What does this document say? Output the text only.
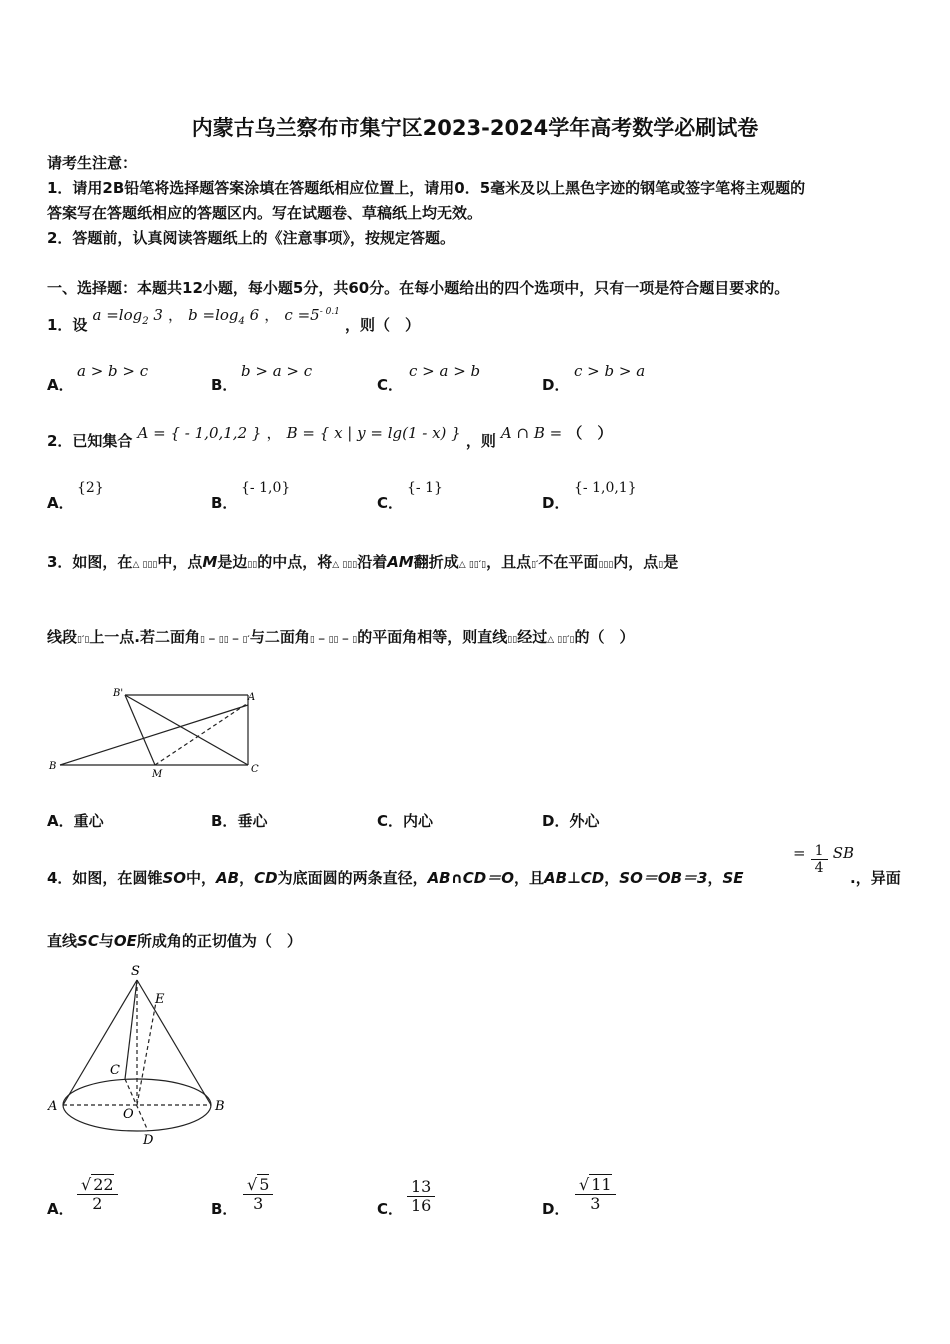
内蒙古乌兰察布市集宁区2023-2024学年高考数学必刷试卷
请考生注意：
1．请用2B铅笔将选择题答案涂填在答题纸相应位置上，请用0．5毫米及以上黑色字迹的钢笔或签字笔将主观题的
答案写在答题纸相应的答题区内。写在试题卷、草稿纸上均无效。
2．答题前，认真阅读答题纸上的《注意事项》，按规定答题。
一、选择题：本题共12小题，每小题5分，共60分。在每小题给出的四个选项中，只有一项是符合题目要求的。
1．设 $a =\log_2$ 3 ， $b =\log_4$ 6 ， $c =5^{- 0.1}$ ，则（　）
A．
a > b > c
B．
b > a > c
C．
c > a > b
D．
c > b > a
2．已知集合 A = { - 1,0,1,2 } ， B = { x | y = lg(1 - x) } ，则 A ∩ B = （　）
A．
{2}
B．
{- 1,0}
C．
{- 1}
D．
{- 1,0,1}
3．如图，在△ ▯▯▯中，点M是边▯▯的中点，将△ ▯▯▯沿着AM翻折成△ ▯▯′▯，且点▯′不在平面▯▯▯内，点▯是
线段▯′▯上一点.若二面角▯ − ▯▯ − ▯′与二面角▯ − ▯▯ − ▯的平面角相等，则直线▯▯经过△ ▯▯′▯的（　）
B'	A
B
M	C
A．重心	B．垂心	C．内心	D．外心
4．如图，在圆锥SO中，AB，CD为底面圆的两条直径，AB∩CD＝O，且AB⊥CD，SO＝OB＝3，SE
= $\frac{1}{4}$ SB
.，异面
直线SC与OE所成角的正切值为（　）
S
E
C
A
O
B
D
A． √ $\frac{22}{2}$	B． √ $\frac{5}{3}$	C． $\frac{13}{16}$	D． √ $\frac{11}{3}$
